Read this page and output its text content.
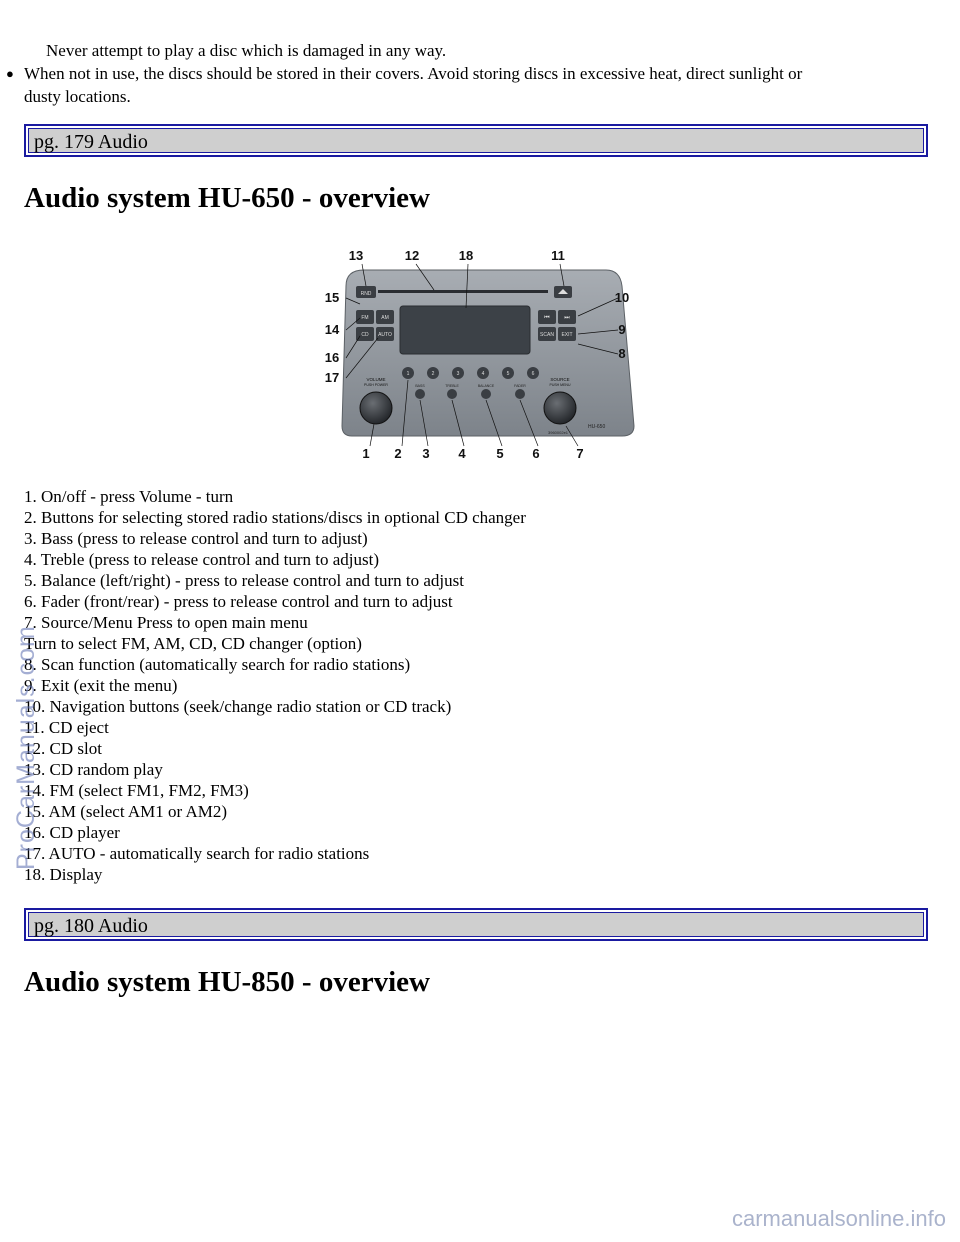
Never attempt to play a disc which is damaged in any way.

● When not in use, the discs should be stored in their covers. Avoid storing discs in excessive heat, direct sunlight or

dusty locations.

pg. 179 Audio
Audio system HU-650 - overview
RND
FM	AM
CD AUTO
⏮ ⏭
SCAN EXIT
1	2	3	4	5	6
BASS	TREBLE	BALANCE	FADER
VOLUME
PUSH POWER
SOURCE
PUSH MENU
HU-650
3960002e1
13	12	18	11
15	10
14	9
16	8
17
1 2 3 4 5 6	7
1. On/off - press Volume - turn
2. Buttons for selecting stored radio stations/discs in optional CD changer
3. Bass (press to release control and turn to adjust)
4. Treble (press to release control and turn to adjust)
5. Balance (left/right) - press to release control and turn to adjust
6. Fader (front/rear) - press to release control and turn to adjust
7. Source/Menu Press to open main menu
Turn to select FM, AM, CD, CD changer (option)
8. Scan function (automatically search for radio stations)
9. Exit (exit the menu)
10. Navigation buttons (seek/change radio station or CD track)
11. CD eject
12. CD slot
13. CD random play
14. FM (select FM1, FM2, FM3)
15. AM (select AM1 or AM2)
16. CD player
17. AUTO - automatically search for radio stations
18. Display
pg. 180 Audio
Audio system HU-850 - overview
ProCarManuals.com
carmanualsonline.info
